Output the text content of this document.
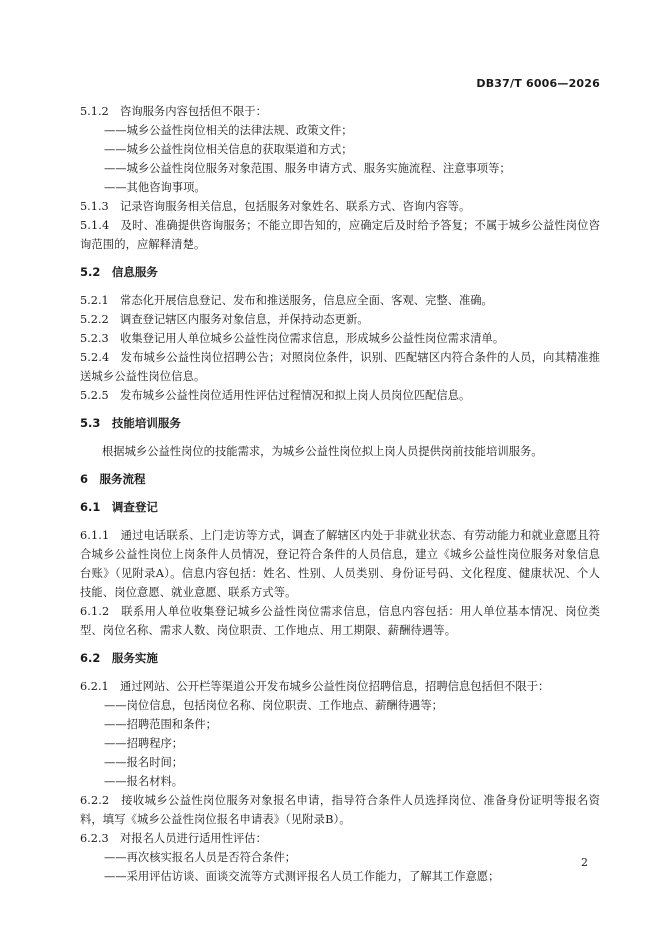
DB37/T 6006—2026

5.1.2　咨询服务内容包括但不限于：

——城乡公益性岗位相关的法律法规、政策文件；

——城乡公益性岗位相关信息的获取渠道和方式；

——城乡公益性岗位服务对象范围、服务申请方式、服务实施流程、注意事项等；

——其他咨询事项。

5.1.3　记录咨询服务相关信息，包括服务对象姓名、联系方式、咨询内容等。

5.1.4　及时、准确提供咨询服务；不能立即告知的，应确定后及时给予答复；不属于城乡公益性岗位咨询范围的，应解释清楚。

5.2　信息服务

5.2.1　常态化开展信息登记、发布和推送服务，信息应全面、客观、完整、准确。

5.2.2　调查登记辖区内服务对象信息，并保持动态更新。

5.2.3　收集登记用人单位城乡公益性岗位需求信息，形成城乡公益性岗位需求清单。

5.2.4　发布城乡公益性岗位招聘公告；对照岗位条件，识别、匹配辖区内符合条件的人员，向其精准推送城乡公益性岗位信息。

5.2.5　发布城乡公益性岗位适用性评估过程情况和拟上岗人员岗位匹配信息。

5.3　技能培训服务

根据城乡公益性岗位的技能需求，为城乡公益性岗位拟上岗人员提供岗前技能培训服务。

6　服务流程

6.1　调查登记

6.1.1　通过电话联系、上门走访等方式，调查了解辖区内处于非就业状态、有劳动能力和就业意愿且符合城乡公益性岗位上岗条件人员情况，登记符合条件的人员信息，建立《城乡公益性岗位服务对象信息台账》（见附录A）。信息内容包括：姓名、性别、人员类别、身份证号码、文化程度、健康状况、个人技能、岗位意愿、就业意愿、联系方式等。

6.1.2　联系用人单位收集登记城乡公益性岗位需求信息，信息内容包括：用人单位基本情况、岗位类型、岗位名称、需求人数、岗位职责、工作地点、用工期限、薪酬待遇等。

6.2　服务实施

6.2.1　通过网站、公开栏等渠道公开发布城乡公益性岗位招聘信息，招聘信息包括但不限于：

——岗位信息，包括岗位名称、岗位职责、工作地点、薪酬待遇等；

——招聘范围和条件；

——招聘程序；

——报名时间；

——报名材料。

6.2.2　接收城乡公益性岗位服务对象报名申请，指导符合条件人员选择岗位、准备身份证明等报名资料，填写《城乡公益性岗位报名申请表》（见附录B）。

6.2.3　对报名人员进行适用性评估：

——再次核实报名人员是否符合条件；

——采用评估访谈、面谈交流等方式测评报名人员工作能力，了解其工作意愿；

2
